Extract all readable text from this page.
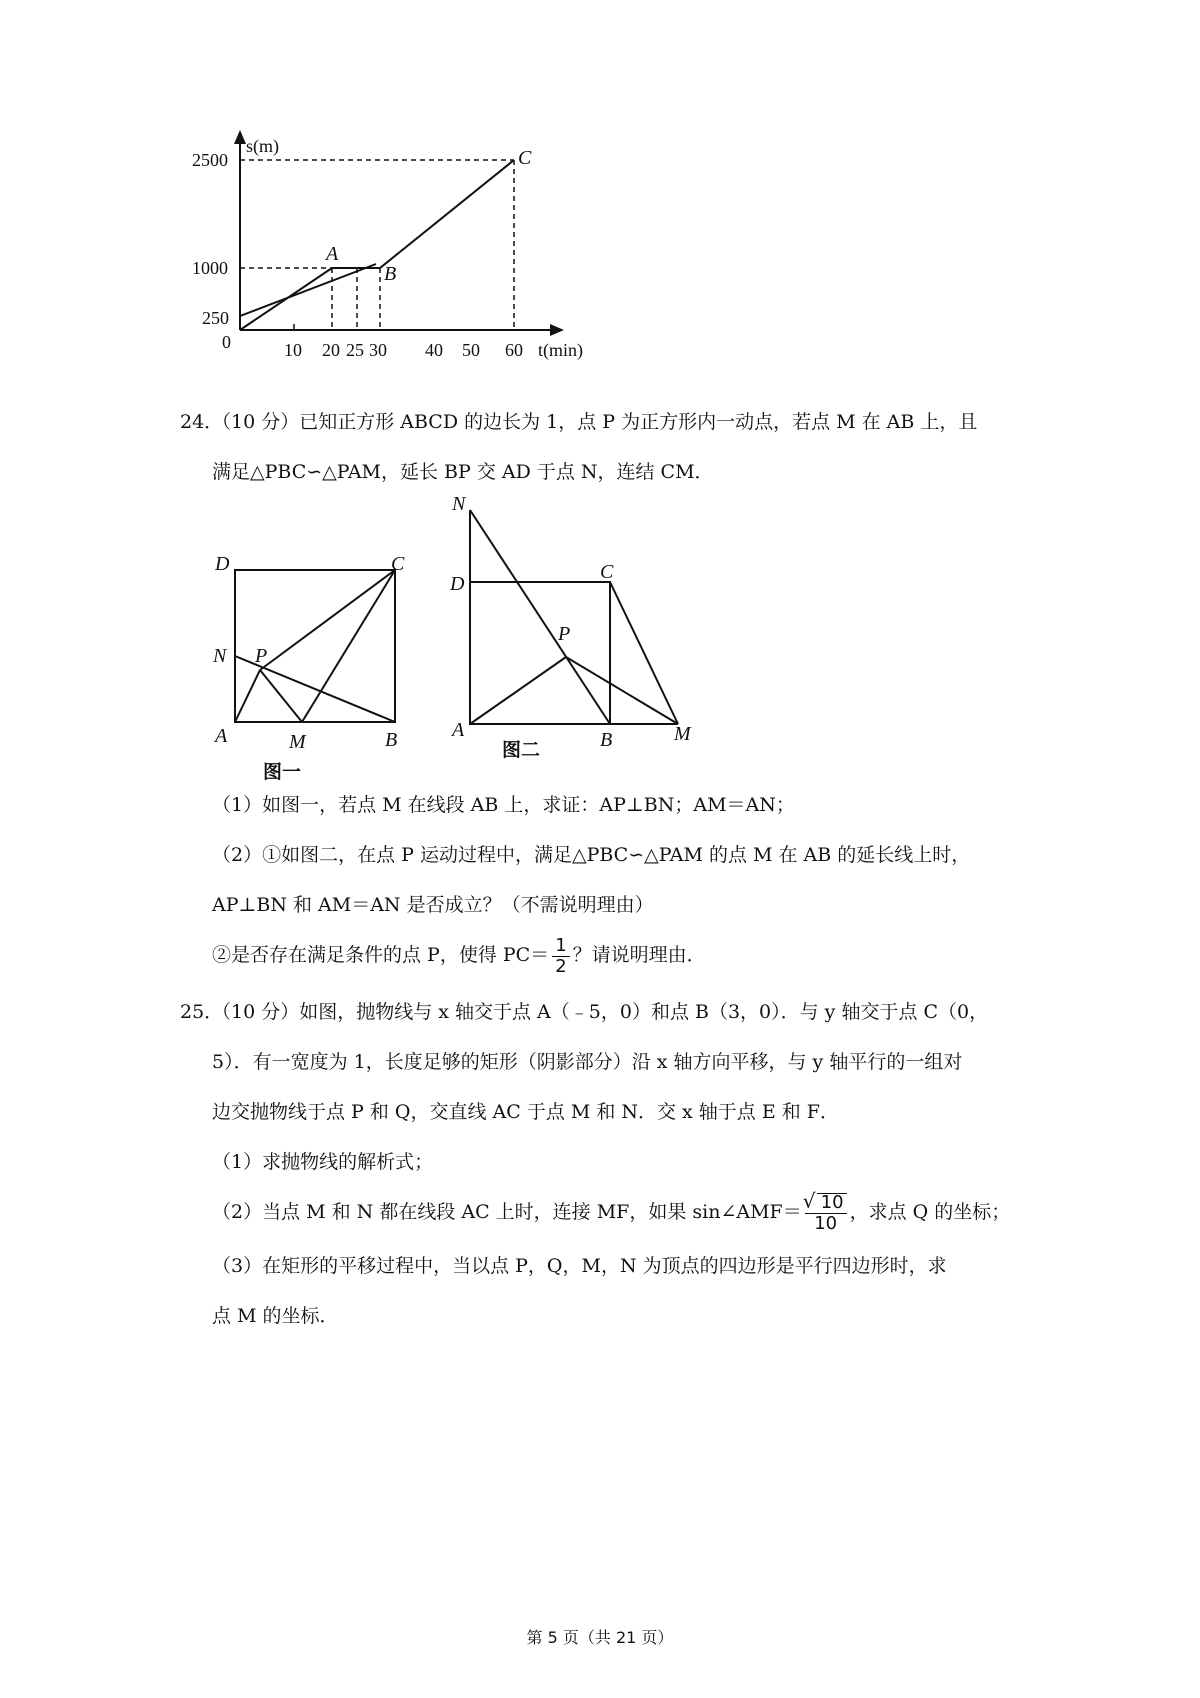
s(m)
t(min)
0
2500
1000
250
10 20 25 30 40 50 60
A
B
C
24．
（10 分）已知正方形 ABCD 的边长为 1，点 P 为正方形内一动点，若点 M 在 AB 上，且
满足△PBC∽△PAM，延长 BP 交 AD 于点 N，连结 CM．
D	C
N P
A	M	B
图一
N
D
C
P
A	B	M
图二
（1）如图一，若点 M 在线段 AB 上，求证：AP⊥BN；AM＝AN；
（2）①如图二，在点 P 运动过程中，满足△PBC∽△PAM 的点 M 在 AB 的延长线上时，
AP⊥BN 和 AM＝AN 是否成立？（不需说明理由）
②是否存在满足条件的点 P，使得 $PC= \frac{1}{2}$ ？请说明理由．
25．
（10 分）如图，抛物线与 x 轴交于点 A（﹣5，0）和点 B（3，0）．与 y 轴交于点 C（0，
5）．有一宽度为 1，长度足够的矩形（阴影部分）沿 x 轴方向平移，与 y 轴平行的一组对
边交抛物线于点 P 和 Q，交直线 AC 于点 M 和 N．交 x 轴于点 E 和 F．
（1）求抛物线的解析式；
（2）当点 M 和 N 都在线段 AC 上时，连接 MF，如果 sin∠AMF＝
√ $\frac{10}{10}$ ，求点 Q 的坐标；
（3）在矩形的平移过程中，当以点 P，Q，M，N 为顶点的四边形是平行四边形时，求
点 M 的坐标．
第 5 页（共 21 页）
